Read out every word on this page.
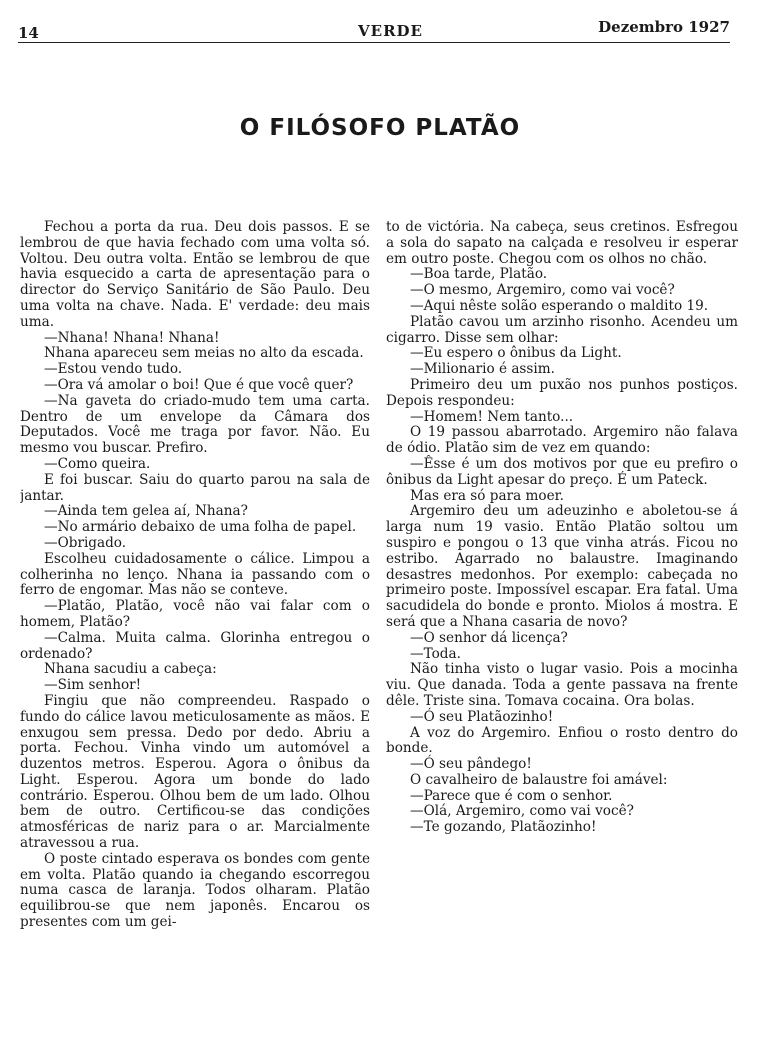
14	VERDE	Dezembro 1927
O FILÓSOFO PLATÃO

Fechou a porta da rua. Deu dois passos. E se lembrou de que havia fechado com uma volta só. Voltou. Deu outra volta. Então se lembrou de que havia esquecido a carta de apresentação para o director do Serviço Sanitário de São Paulo. Deu uma volta na chave. Nada. E' verdade: deu mais uma.

—Nhana! Nhana! Nhana!

Nhana apareceu sem meias no alto da escada.

—Estou vendo tudo.

—Ora vá amolar o boi! Que é que você quer?

—Na gaveta do criado-mudo tem uma carta. Dentro de um envelope da Câmara dos Deputados. Você me traga por favor. Não. Eu mesmo vou buscar. Prefiro.

—Como queira.

E foi buscar. Saiu do quarto parou na sala de jantar.

—Ainda tem gelea aí, Nhana?

—No armário debaixo de uma folha de papel.

—Obrigado.

Escolheu cuidadosamente o cálice. Limpou a colherinha no lenço. Nhana ia passando com o ferro de engomar. Mas não se conteve.

—Platão, Platão, você não vai falar com o homem, Platão?

—Calma. Muita calma. Glorinha entregou o ordenado?

Nhana sacudiu a cabeça:

—Sim senhor!

Fingiu que não compreendeu. Raspado o fundo do cálice lavou meticulosamente as mãos. E enxugou sem pressa. Dedo por dedo. Abriu a porta. Fechou. Vinha vindo um automóvel a duzentos metros. Esperou. Agora o ônibus da Light. Esperou. Agora um bonde do lado contrário. Esperou. Olhou bem de um lado. Olhou bem de outro. Certificou-se das condições atmosféricas de nariz para o ar. Marcialmente atravessou a rua.

O poste cintado esperava os bondes com gente em volta. Platão quando ia chegando escorregou numa casca de laranja. Todos olharam. Platão equilibrou-se que nem japonês. Encarou os presentes com um gei-

to de victória. Na cabeça, seus cretinos. Esfregou a sola do sapato na calçada e resolveu ir esperar em outro poste. Chegou com os olhos no chão.

—Boa tarde, Platão.

—O mesmo, Argemiro, como vai você?

—Aqui nêste solão esperando o maldito 19.

Platão cavou um arzinho risonho. Acendeu um cigarro. Disse sem olhar:

—Eu espero o ônibus da Light.

—Milionario é assim.

Primeiro deu um puxão nos punhos postiços. Depois respondeu:

—Homem! Nem tanto...

O 19 passou abarrotado. Argemiro não falava de ódio. Platão sim de vez em quando:

—Êsse é um dos motivos por que eu prefiro o ônibus da Light apesar do preço. É um Pateck.

Mas era só para moer.

Argemiro deu um adeuzinho e aboletou-se á larga num 19 vasio. Então Platão soltou um suspiro e pongou o 13 que vinha atrás. Ficou no estribo. Agarrado no balaustre. Imaginando desastres medonhos. Por exemplo: cabeçada no primeiro poste. Impossível escapar. Era fatal. Uma sacudidela do bonde e pronto. Miolos á mostra. E será que a Nhana casaria de novo?

—O senhor dá licença?

—Toda.

Não tinha visto o lugar vasio. Pois a mocinha viu. Que danada. Toda a gente passava na frente dêle. Triste sina. Tomava cocaina. Ora bolas.

—Ó seu Platãozinho!

A voz do Argemiro. Enfiou o rosto dentro do bonde.

—Ó seu pândego!

O cavalheiro de balaustre foi amável:

—Parece que é com o senhor.

—Olá, Argemiro, como vai você?

—Te gozando, Platãozinho!
